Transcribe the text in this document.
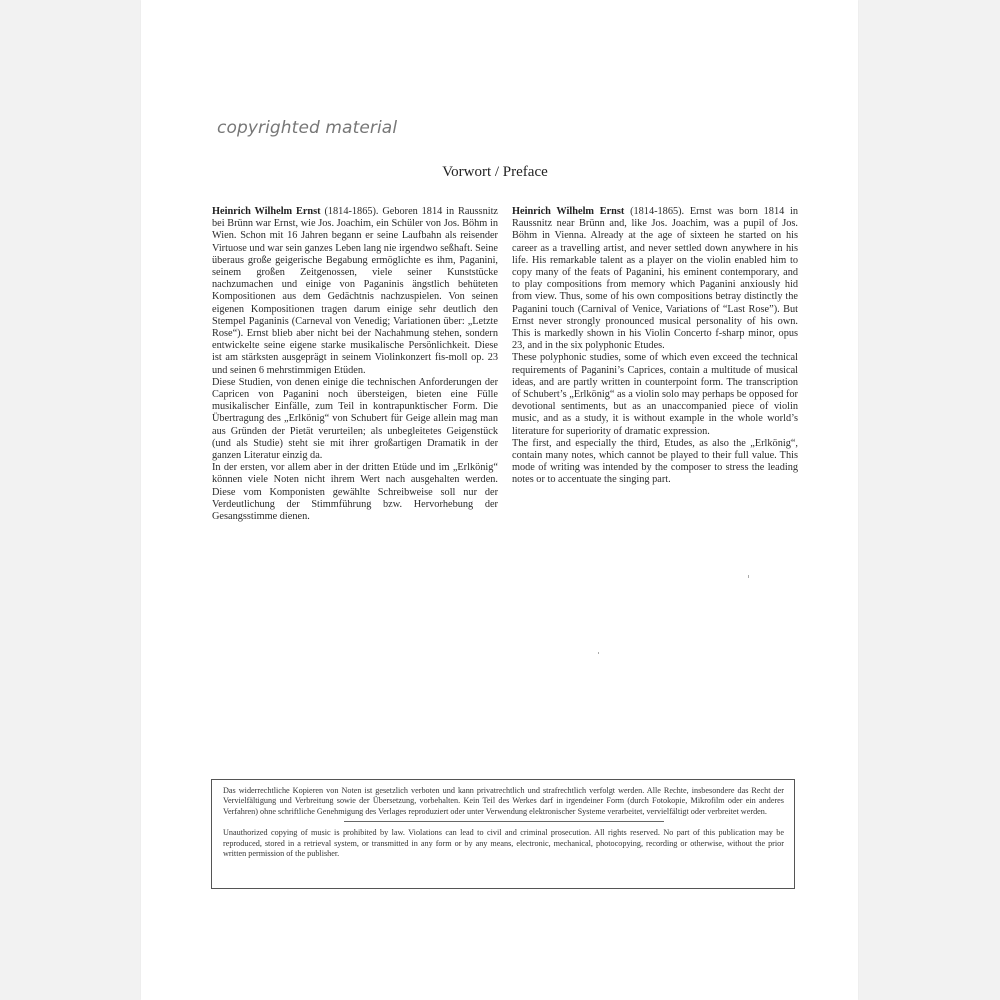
copyrighted material
Vorwort / Preface

Heinrich Wilhelm Ernst (1814-1865). Geboren 1814 in Raussnitz bei Brünn war Ernst, wie Jos. Joachim, ein Schüler von Jos. Böhm in Wien. Schon mit 16 Jahren begann er seine Laufbahn als reisender Virtuose und war sein ganzes Leben lang nie irgendwo seßhaft. Seine überaus große geigerische Begabung ermöglichte es ihm, Paganini, seinem großen Zeitgenossen, viele seiner Kunststücke nachzumachen und einige von Paganinis ängstlich behüteten Kompositionen aus dem Gedächtnis nachzuspielen. Von seinen eigenen Kompositionen tragen darum einige sehr deutlich den Stempel Paganinis (Carneval von Venedig; Variationen über: „Letzte Rose“). Ernst blieb aber nicht bei der Nachahmung stehen, sondern entwickelte seine eigene starke musikalische Persönlichkeit. Diese ist am stärksten ausgeprägt in seinem Violinkonzert fis-moll op. 23 und seinen 6 mehrstimmigen Etüden.

Diese Studien, von denen einige die technischen Anforderungen der Capricen von Paganini noch übersteigen, bieten eine Fülle musikalischer Einfälle, zum Teil in kontrapunktischer Form. Die Übertragung des „Erlkönig“ von Schubert für Geige allein mag man aus Gründen der Pietät verurteilen; als unbegleitetes Geigenstück (und als Studie) steht sie mit ihrer großartigen Dramatik in der ganzen Literatur einzig da.

In der ersten, vor allem aber in der dritten Etüde und im „Erlkönig“ können viele Noten nicht ihrem Wert nach ausgehalten werden. Diese vom Komponisten gewählte Schreibweise soll nur der Verdeutlichung der Stimmführung bzw. Hervorhebung der Gesangsstimme dienen.

Heinrich Wilhelm Ernst (1814-1865). Ernst was born 1814 in Raussnitz near Brünn and, like Jos. Joachim, was a pupil of Jos. Böhm in Vienna. Already at the age of sixteen he started on his career as a travelling artist, and never settled down anywhere in his life. His remarkable talent as a player on the violin enabled him to copy many of the feats of Paganini, his eminent contemporary, and to play compositions from memory which Paganini anxiously hid from view. Thus, some of his own compositions betray distinctly the Paganini touch (Carnival of Venice, Variations of “Last Rose”). But Ernst never strongly pronounced musical personality of his own. This is markedly shown in his Violin Concerto f-sharp minor, opus 23, and in the six polyphonic Etudes.

These polyphonic studies, some of which even exceed the technical requirements of Paganini’s Caprices, contain a multitude of musical ideas, and are partly written in counterpoint form. The transcription of Schubert’s „Erlkönig“ as a violin solo may perhaps be opposed for devotional sentiments, but as an unaccompanied piece of violin music, and as a study, it is without example in the whole world’s literature for superiority of dramatic expression.

The first, and especially the third, Etudes, as also the „Erlkönig“, contain many notes, which cannot be played to their full value. This mode of writing was intended by the composer to stress the leading notes or to accentuate the singing part.

Das widerrechtliche Kopieren von Noten ist gesetzlich verboten und kann privatrechtlich und strafrechtlich verfolgt werden. Alle Rechte, insbesondere das Recht der Vervielfältigung und Verbreitung sowie der Übersetzung, vorbehalten. Kein Teil des Werkes darf in irgendeiner Form (durch Fotokopie, Mikrofilm oder ein anderes Verfahren) ohne schriftliche Genehmigung des Verlages reproduziert oder unter Verwendung elektronischer Systeme verarbeitet, vervielfältigt oder verbreitet werden.

Unauthorized copying of music is prohibited by law. Violations can lead to civil and criminal prosecution. All rights reserved. No part of this publication may be reproduced, stored in a retrieval system, or transmitted in any form or by any means, electronic, mechanical, photocopying, recording or otherwise, without the prior written permission of the publisher.
